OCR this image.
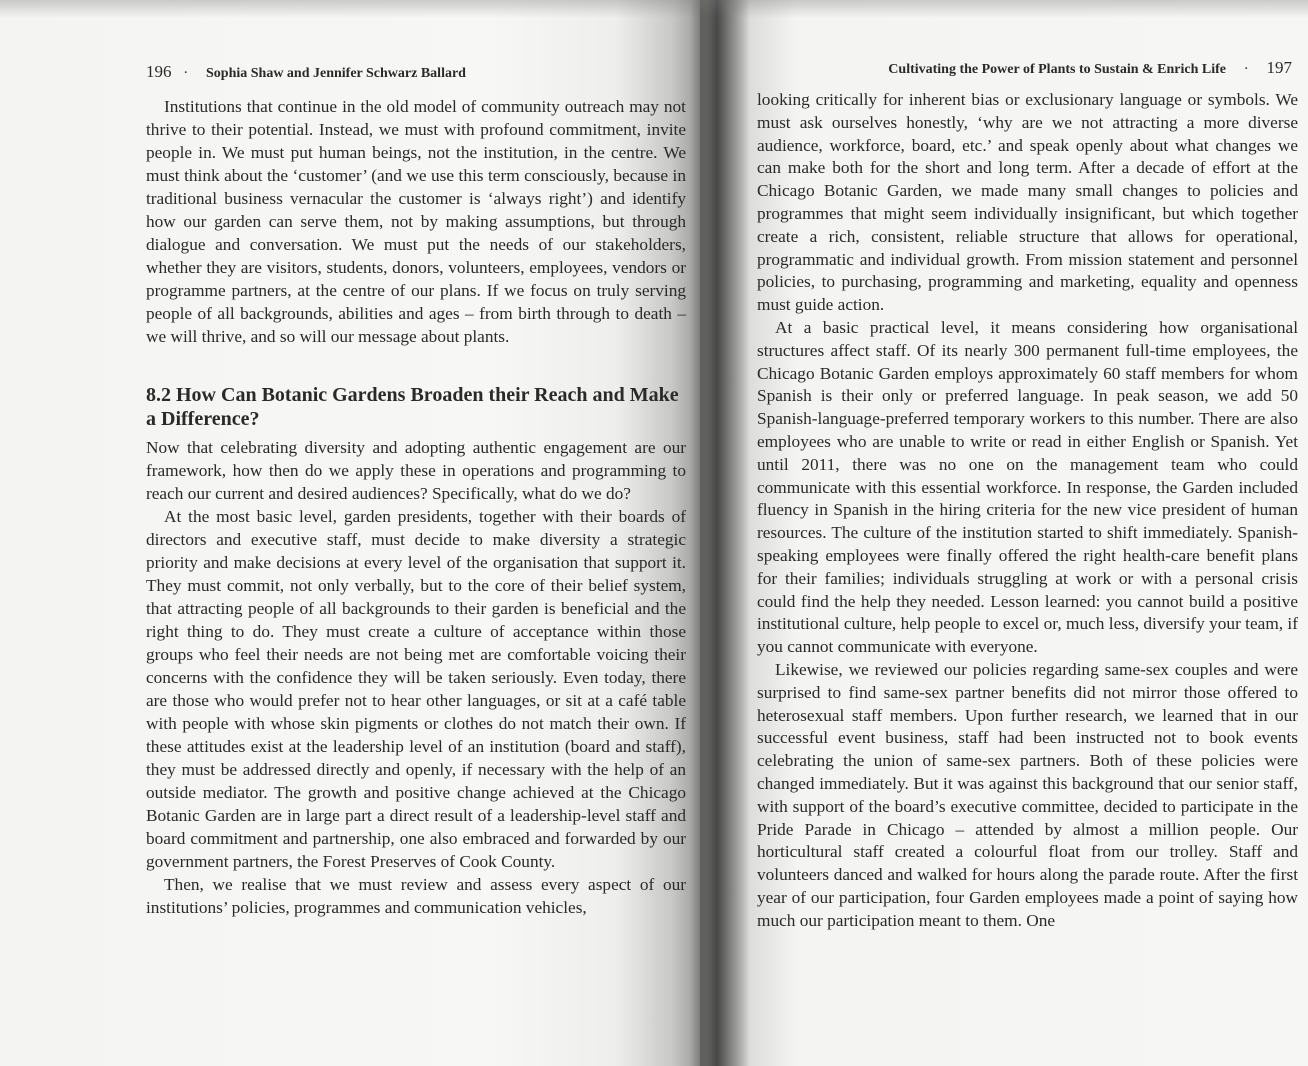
196 · Sophia Shaw and Jennifer Schwarz Ballard

Institutions that continue in the old model of community outreach may not thrive to their potential. Instead, we must with profound commitment, invite people in. We must put human beings, not the institution, in the centre. We must think about the ‘customer’ (and we use this term consciously, because in traditional business vernacular the customer is ‘always right’) and identify how our garden can serve them, not by making assumptions, but through dialogue and conversation. We must put the needs of our stakeholders, whether they are visitors, students, donors, volunteers, employees, vendors or programme partners, at the centre of our plans. If we focus on truly serving people of all backgrounds, abilities and ages – from birth through to death – we will thrive, and so will our message about plants.

8.2 How Can Botanic Gardens Broaden their Reach and Make a Difference?

Now that celebrating diversity and adopting authentic engagement are our framework, how then do we apply these in operations and programming to reach our current and desired audiences? Specifically, what do we do?

At the most basic level, garden presidents, together with their boards of directors and executive staff, must decide to make diversity a strategic priority and make decisions at every level of the organisation that support it. They must commit, not only verbally, but to the core of their belief system, that attracting people of all backgrounds to their garden is beneficial and the right thing to do. They must create a culture of acceptance within those groups who feel their needs are not being met are comfortable voicing their concerns with the confidence they will be taken seriously. Even today, there are those who would prefer not to hear other languages, or sit at a café table with people with whose skin pigments or clothes do not match their own. If these attitudes exist at the leadership level of an institution (board and staff), they must be addressed directly and openly, if necessary with the help of an outside mediator. The growth and positive change achieved at the Chicago Botanic Garden are in large part a direct result of a leadership-level staff and board commitment and partnership, one also embraced and forwarded by our government partners, the Forest Preserves of Cook County.

Then, we realise that we must review and assess every aspect of our institutions’ policies, programmes and communication vehicles,

Cultivating the Power of Plants to Sustain & Enrich Life · 197

looking critically for inherent bias or exclusionary language or symbols. We must ask ourselves honestly, ‘why are we not attracting a more diverse audience, workforce, board, etc.’ and speak openly about what changes we can make both for the short and long term. After a decade of effort at the Chicago Botanic Garden, we made many small changes to policies and programmes that might seem individually insignificant, but which together create a rich, consistent, reliable structure that allows for operational, programmatic and individual growth. From mission statement and personnel policies, to purchasing, programming and marketing, equality and openness must guide action.

At a basic practical level, it means considering how organisational structures affect staff. Of its nearly 300 permanent full-time employees, the Chicago Botanic Garden employs approximately 60 staff members for whom Spanish is their only or preferred language. In peak season, we add 50 Spanish-language-preferred temporary workers to this number. There are also employees who are unable to write or read in either English or Spanish. Yet until 2011, there was no one on the management team who could communicate with this essential workforce. In response, the Garden included fluency in Spanish in the hiring criteria for the new vice president of human resources. The culture of the institution started to shift immediately. Spanish-speaking employees were finally offered the right health-care benefit plans for their families; individuals struggling at work or with a personal crisis could find the help they needed. Lesson learned: you cannot build a positive institutional culture, help people to excel or, much less, diversify your team, if you cannot communicate with everyone.

Likewise, we reviewed our policies regarding same-sex couples and were surprised to find same-sex partner benefits did not mirror those offered to heterosexual staff members. Upon further research, we learned that in our successful event business, staff had been instructed not to book events celebrating the union of same-sex partners. Both of these policies were changed immediately. But it was against this background that our senior staff, with support of the board’s executive committee, decided to participate in the Pride Parade in Chicago – attended by almost a million people. Our horticultural staff created a colourful float from our trolley. Staff and volunteers danced and walked for hours along the parade route. After the first year of our participation, four Garden employees made a point of saying how much our participation meant to them. One
